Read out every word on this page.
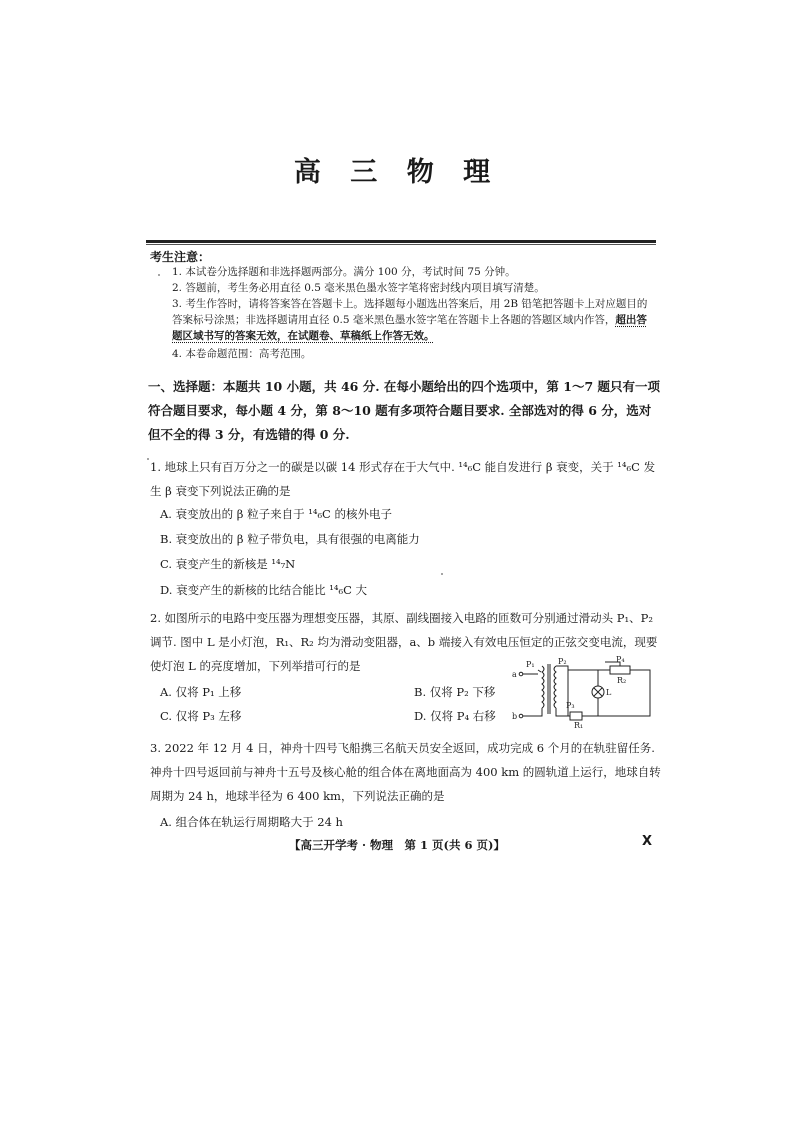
高 三 物 理
考生注意：
1. 本试卷分选择题和非选择题两部分。满分 100 分，考试时间 75 分钟。
2. 答题前，考生务必用直径 0.5 毫米黑色墨水签字笔将密封线内项目填写清楚。
3. 考生作答时，请将答案答在答题卡上。选择题每小题选出答案后，用 2B 铅笔把答题卡上对应题目的答案标号涂黑；非选择题请用直径 0.5 毫米黑色墨水签字笔在答题卡上各题的答题区域内作答，超出答题区域书写的答案无效，在试题卷、草稿纸上作答无效。
4. 本卷命题范围：高考范围。
一、选择题：本题共 10 小题，共 46 分. 在每小题给出的四个选项中，第 1～7 题只有一项符合题目要求，每小题 4 分，第 8～10 题有多项符合题目要求. 全部选对的得 6 分，选对但不全的得 3 分，有选错的得 0 分.
1. 地球上只有百万分之一的碳是以碳 14 形式存在于大气中. ¹⁴₆C 能自发进行 β 衰变，关于 ¹⁴₆C 发生 β 衰变下列说法正确的是
A. 衰变放出的 β 粒子来自于 ¹⁴₆C 的核外电子
B. 衰变放出的 β 粒子带负电，具有很强的电离能力
C. 衰变产生的新核是 ¹⁴₇N
D. 衰变产生的新核的比结合能比 ¹⁴₆C 大
2. 如图所示的电路中变压器为理想变压器，其原、副线圈接入电路的匝数可分别通过滑动头 P₁、P₂ 调节. 图中 L 是小灯泡，R₁、R₂ 均为滑动变阻器，a、b 端接入有效电压恒定的正弦交变电流，现要使灯泡 L 的亮度增加，下列举措可行的是
A. 仅将 P₁ 上移	B. 仅将 P₂ 下移
C. 仅将 P₃ 左移	D. 仅将 P₄ 右移
a
b
P₁	P₂	P₄
R₂
L
P₃
R₁
3. 2022 年 12 月 4 日，神舟十四号飞船携三名航天员安全返回，成功完成 6 个月的在轨驻留任务. 神舟十四号返回前与神舟十五号及核心舱的组合体在离地面高为 400 km 的圆轨道上运行，地球自转周期为 24 h，地球半径为 6 400 km，下列说法正确的是
A. 组合体在轨运行周期略大于 24 h
【高三开学考 · 物理　第 1 页(共 6 页)】	X
